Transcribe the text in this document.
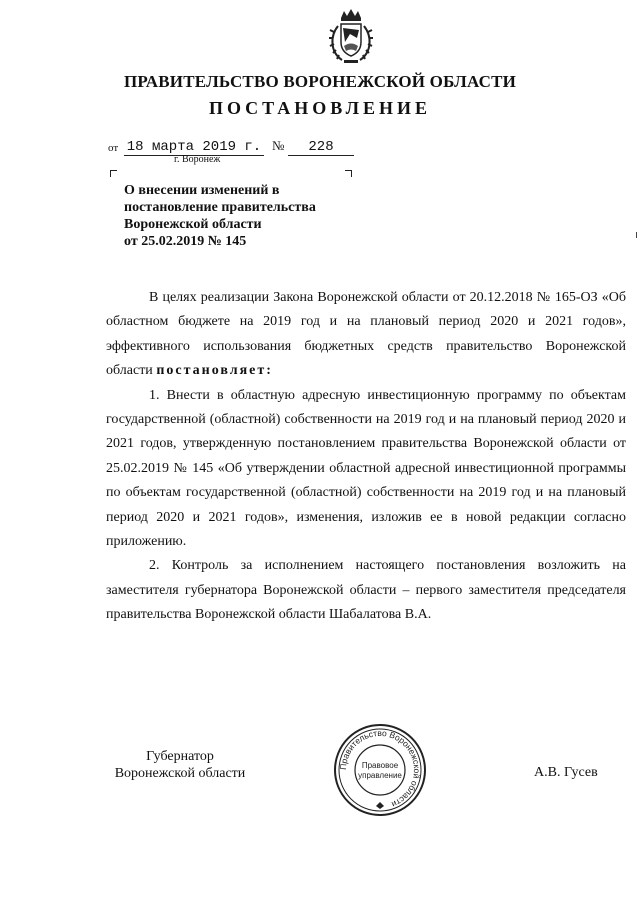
ПРАВИТЕЛЬСТВО ВОРОНЕЖСКОЙ ОБЛАСТИ
ПОСТАНОВЛЕНИЕ
от 18 марта 2019 г. №	228
г. Воронеж
О внесении изменений в
постановление правительства
Воронежской области
от 25.02.2019 № 145

В целях реализации Закона Воронежской области от 20.12.2018 № 165-ОЗ «Об областном бюджете на 2019 год и на плановый период 2020 и 2021 годов», эффективного использования бюджетных средств правительство Воронежской области постановляет:

1. Внести в областную адресную инвестиционную программу по объектам государственной (областной) собственности на 2019 год и на плановый период 2020 и 2021 годов, утвержденную постановлением правительства Воронежской области от 25.02.2019 № 145 «Об утверждении областной адресной инвестиционной программы по объектам государственной (областной) собственности на 2019 год и на плановый период 2020 и 2021 годов», изменения, изложив ее в новой редакции согласно приложению.

2. Контроль за исполнением настоящего постановления возложить на заместителя губернатора Воронежской области – первого заместителя председателя правительства Воронежской области Шабалатова В.А.

Губернатор
Воронежской области	Правительство Воронежской области
Правовое
управление	А.В. Гусев
